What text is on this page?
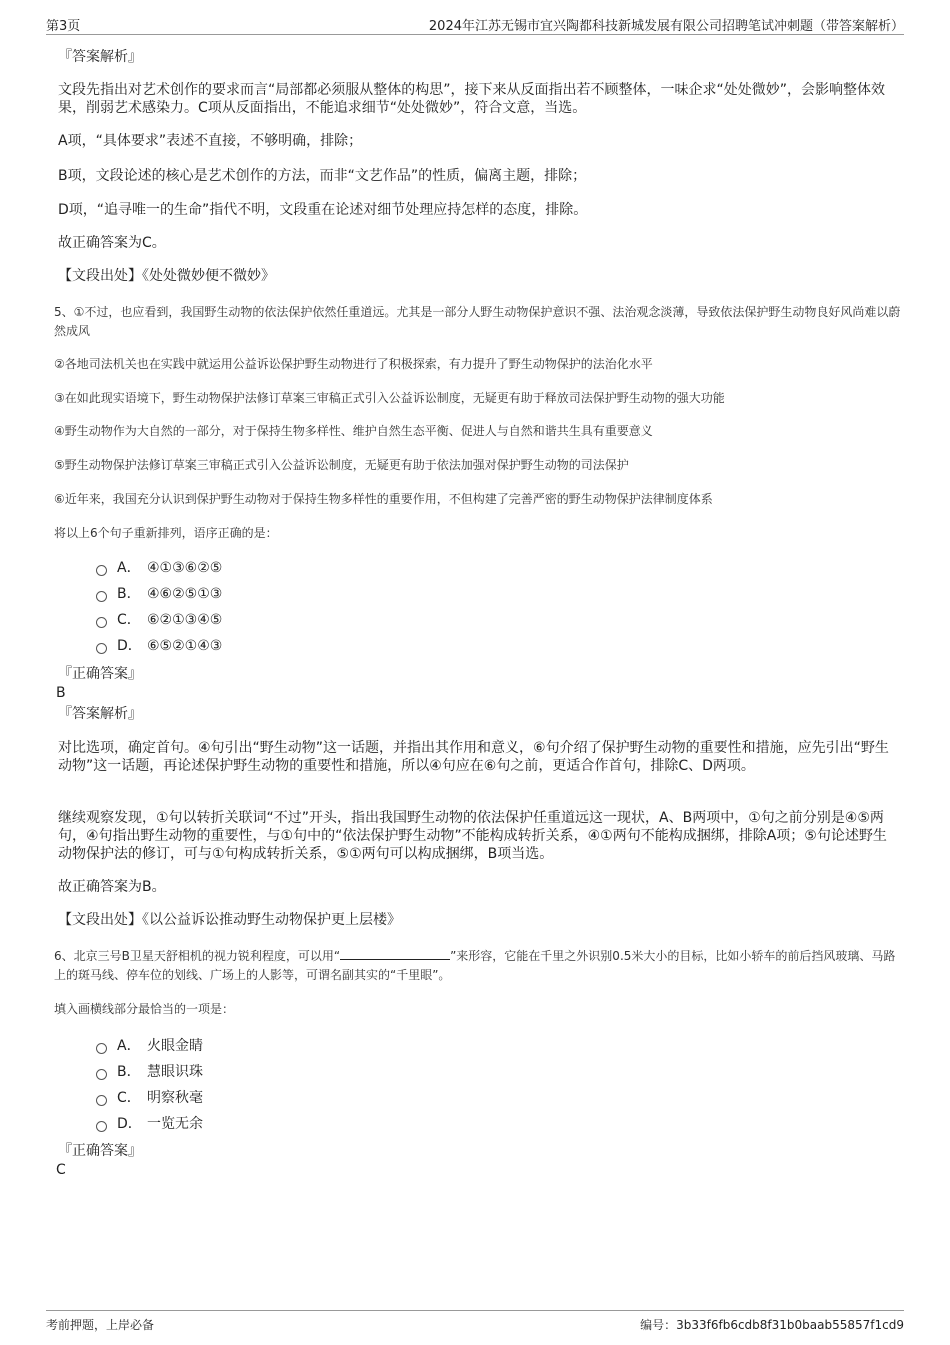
第3页	2024年江苏无锡市宜兴陶都科技新城发展有限公司招聘笔试冲刺题（带答案解析）
『答案解析』
文段先指出对艺术创作的要求而言“局部都必须服从整体的构思”，接下来从反面指出若不顾整体，一味企求“处处微妙”，会影响整体效果，削弱艺术感染力。C项从反面指出，不能追求细节“处处微妙”，符合文意，当选。
A项，“具体要求”表述不直接，不够明确，排除；
B项，文段论述的核心是艺术创作的方法，而非“文艺作品”的性质，偏离主题，排除；
D项，“追寻唯一的生命”指代不明，文段重在论述对细节处理应持怎样的态度，排除。
故正确答案为C。
【文段出处】《处处微妙便不微妙》
5、①不过，也应看到，我国野生动物的依法保护依然任重道远。尤其是一部分人野生动物保护意识不强、法治观念淡薄，导致依法保护野生动物良好风尚难以蔚然成风
②各地司法机关也在实践中就运用公益诉讼保护野生动物进行了积极探索，有力提升了野生动物保护的法治化水平
③在如此现实语境下，野生动物保护法修订草案三审稿正式引入公益诉讼制度，无疑更有助于释放司法保护野生动物的强大功能
④野生动物作为大自然的一部分，对于保持生物多样性、维护自然生态平衡、促进人与自然和谐共生具有重要意义
⑤野生动物保护法修订草案三审稿正式引入公益诉讼制度，无疑更有助于依法加强对保护野生动物的司法保护
⑥近年来，我国充分认识到保护野生动物对于保持生物多样性的重要作用，不但构建了完善严密的野生动物保护法律制度体系
将以上6个句子重新排列，语序正确的是：
A． ④①③⑥②⑤
B． ④⑥②⑤①③
C． ⑥②①③④⑤
D． ⑥⑤②①④③
『正确答案』
B
『答案解析』
对比选项，确定首句。④句引出“野生动物”这一话题，并指出其作用和意义，⑥句介绍了保护野生动物的重要性和措施，应先引出“野生动物”这一话题，再论述保护野生动物的重要性和措施，所以④句应在⑥句之前，更适合作首句，排除C、D两项。
继续观察发现，①句以转折关联词“不过”开头，指出我国野生动物的依法保护任重道远这一现状，A、B两项中，①句之前分别是④⑤两句，④句指出野生动物的重要性，与①句中的“依法保护野生动物”不能构成转折关系，④①两句不能构成捆绑，排除A项；⑤句论述野生动物保护法的修订，可与①句构成转折关系，⑤①两句可以构成捆绑，B项当选。
故正确答案为B。
【文段出处】《以公益诉讼推动野生动物保护更上层楼》
6、北京三号B卫星天舒相机的视力锐利程度，可以用“	”来形容，它能在千里之外识别0.5米大小的目标，比如小轿车的前后挡风玻璃、马路上的斑马线、停车位的划线、广场上的人影等，可谓名副其实的“千里眼”。
填入画横线部分最恰当的一项是：
A． 火眼金睛
B． 慧眼识珠
C． 明察秋毫
D． 一览无余
『正确答案』
C
考前押题，上岸必备	编号：3b33f6fb6cdb8f31b0baab55857f1cd9
